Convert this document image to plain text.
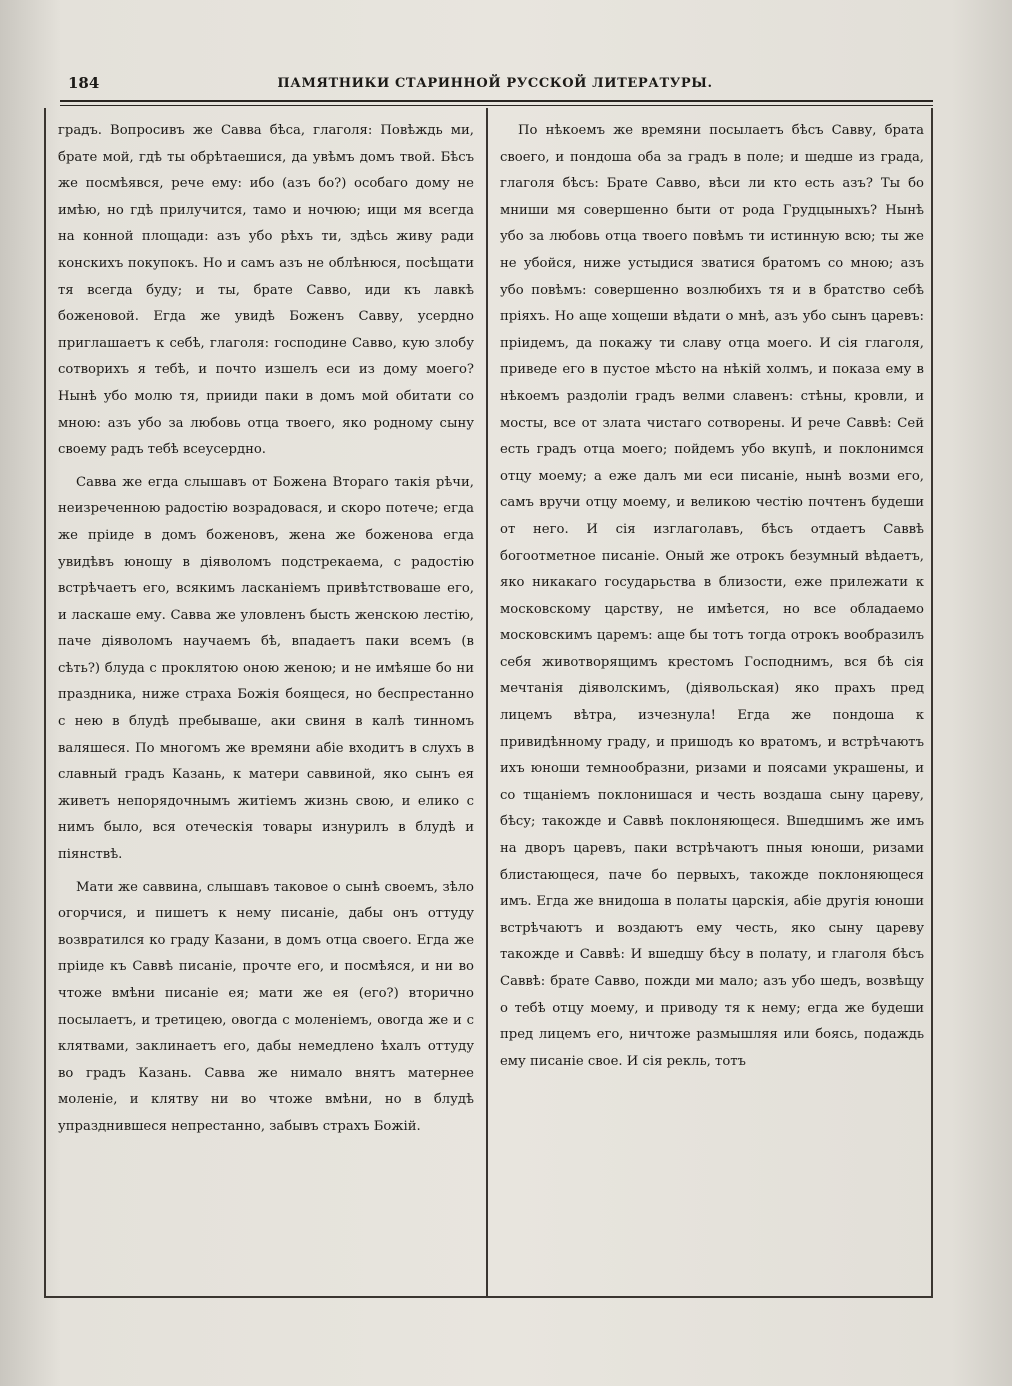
184	ПАМЯТНИКИ СТАРИННОЙ РУССКОЙ ЛИТЕРАТУРЫ.

градъ. Вопросивъ же Савва бѣса, глаголя: Повѣждь ми, брате мой, гдѣ ты обрѣтаешися, да увѣмъ домъ твой. Бѣсъ же посмѣявся, рече ему: ибо (азъ бо?) особаго дому не имѣю, но гдѣ прилучится, тамо и ночюю; ищи мя всегда на конной площади: азъ убо рѣхъ ти, здѣсь живу ради конскихъ покупокъ. Но и самъ азъ не облѣнюся, посѣщати тя всегда буду; и ты, брате Савво, иди къ лавкѣ боженовой. Егда же увидѣ Боженъ Савву, усердно приглашаетъ к себѣ, глаголя: господине Савво, кую злобу сотворихъ я тебѣ, и почто изшелъ еси из дому моего? Нынѣ убо молю тя, прииди паки в домъ мой обитати со мною: азъ убо за любовь отца твоего, яко родному сыну своему радъ тебѣ всеусердно.

Савва же егда слышавъ от Божена Втораго такія рѣчи, неизреченною радостію возрадовася, и скоро потече; егда же пріиде в домъ боженовъ, жена же боженова егда увидѣвъ юношу в діяволомъ подстрекаема, с радостію встрѣчаетъ его, всякимъ ласканіемъ привѣтствоваше его, и ласкаше ему. Савва же уловленъ бысть женскою лестію, паче діяволомъ научаемъ бѣ, впадаетъ паки всемъ (в сѣть?) блуда с проклятою оною женою; и не имѣяше бо ни праздника, ниже страха Божія боящеся, но беспрестанно с нею в блудѣ пребываше, аки свиня в калѣ тинномъ валяшеся. По многомъ же времяни абіе входитъ в слухъ в славный градъ Казань, к матери саввиной, яко сынъ ея живетъ непорядочнымъ житіемъ жизнь свою, и елико с нимъ было, вся отеческія товары изнурилъ в блудѣ и піянствѣ.

Мати же саввина, слышавъ таковое о сынѣ своемъ, зѣло огорчися, и пишетъ к нему писаніе, дабы онъ оттуду возвратился ко граду Казани, в домъ отца своего. Егда же пріиде къ Саввѣ писаніе, прочте его, и посмѣяся, и ни во чтоже вмѣни писаніе ея; мати же ея (его?) вторично посылаетъ, и третицею, овогда с моленіемъ, овогда же и с клятвами, заклинаетъ его, дабы немедлено ѣхалъ оттуду во градъ Казань. Савва же нимало внятъ матернее моленіе, и клятву ни во чтоже вмѣни, но в блудѣ упразднившеся непрестанно, забывъ страхъ Божій.

По нѣкоемъ же времяни посылаетъ бѣсъ Савву, брата своего, и пондоша оба за градъ в поле; и шедше из града, глаголя бѣсъ: Брате Савво, вѣси ли кто есть азъ? Ты бо мниши мя совершенно быти от рода Грудцыныхъ? Нынѣ убо за любовь отца твоего повѣмъ ти истинную всю; ты же не убойся, ниже устыдися зватися братомъ со мною; азъ убо повѣмъ: совершенно возлюбихъ тя и в братство себѣ пріяхъ. Но аще хощеши вѣдати о мнѣ, азъ убо сынъ царевъ: пріидемъ, да покажу ти славу отца моего. И сія глаголя, приведе его в пустое мѣсто на нѣкій холмъ, и показа ему в нѣкоемъ раздоліи градъ велми славенъ: стѣны, кровли, и мосты, все от злата чистаго сотворены. И рече Саввѣ: Сей есть градъ отца моего; пойдемъ убо вкупѣ, и поклонимся отцу моему; а еже далъ ми еси писаніе, нынѣ возми его, самъ вручи отцу моему, и великою честію почтенъ будеши от него. И сія изглаголавъ, бѣсъ отдаетъ Саввѣ богоотметное писаніе. Оный же отрокъ безумный вѣдаетъ, яко никакаго государьства в близости, еже прилежати к московскому царству, не имѣется, но все обладаемо московскимъ царемъ: аще бы тотъ тогда отрокъ вообразилъ себя животворящимъ крестомъ Господнимъ, вся бѣ сія мечтанія діяволскимъ, (діявольская) яко прахъ пред лицемъ вѣтра, изчезнула! Егда же пондоша к привидѣнному граду, и пришодъ ко вратомъ, и встрѣчаютъ ихъ юноши темнообразни, ризами и поясами украшены, и со тщаніемъ поклонишася и честь воздаша сыну цареву, бѣсу; такожде и Саввѣ поклоняющеся. Вшедшимъ же имъ на дворъ царевъ, паки встрѣчаютъ пныя юноши, ризами блистающеся, паче бо первыхъ, такожде поклоняющеся имъ. Егда же внидоша в полаты царскія, абіе другія юноши встрѣчаютъ и воздаютъ ему честь, яко сыну цареву такожде и Саввѣ: И вшедшу бѣсу в полату, и глаголя бѣсъ Саввѣ: брате Савво, пожди ми мало; азъ убо шедъ, возвѣщу о тебѣ отцу моему, и приводу тя к нему; егда же будеши пред лицемъ его, ничтоже размышляя или боясь, подаждь ему писаніе свое. И сія рекль, тотъ
